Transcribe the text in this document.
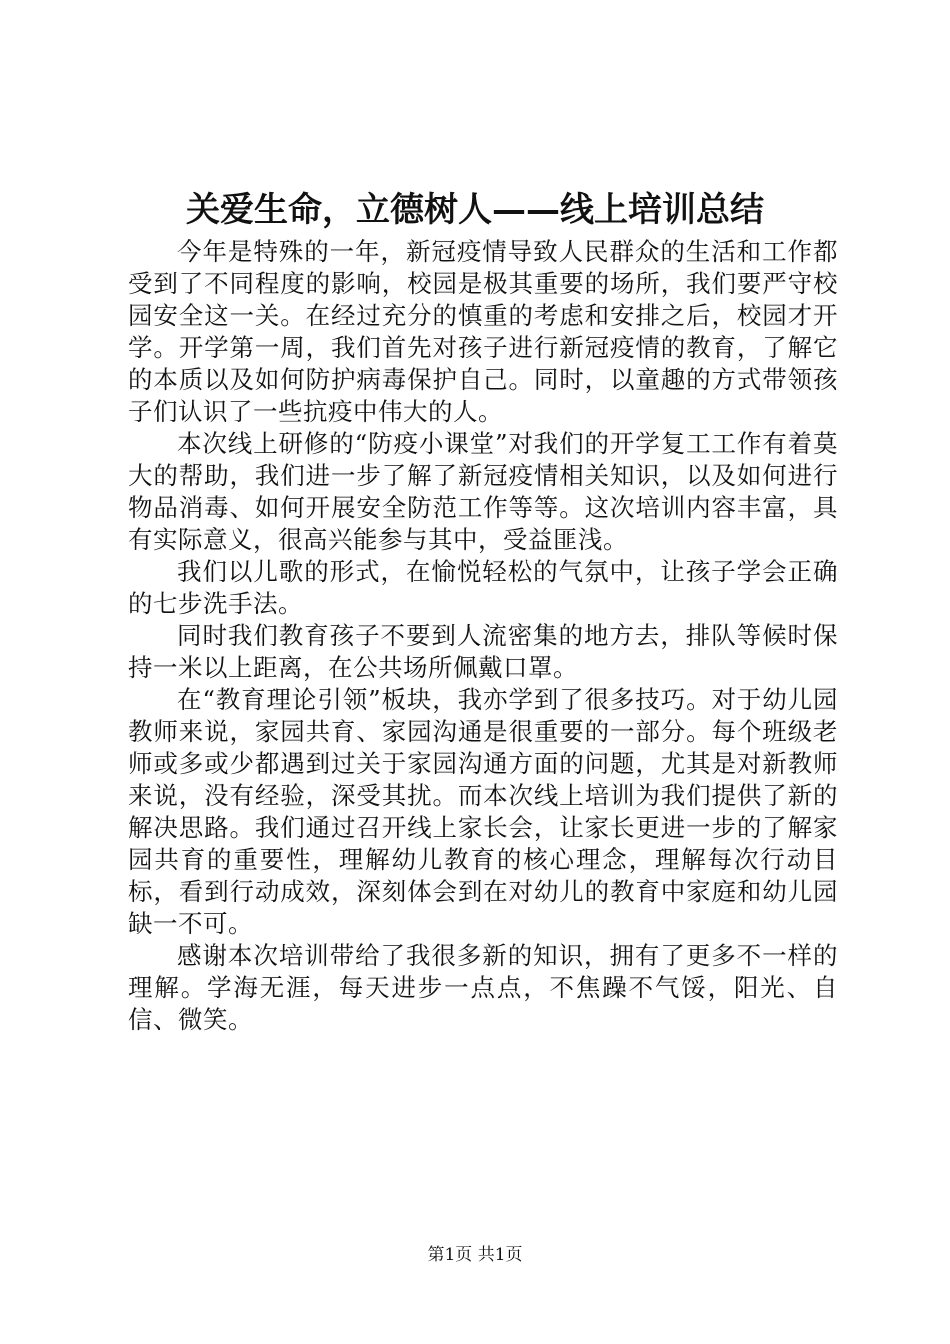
关爱生命，立德树人——线上培训总结

今年是特殊的一年，新冠疫情导致人民群众的生活和工作都受到了不同程度的影响，校园是极其重要的场所，我们要严守校园安全这一关。在经过充分的慎重的考虑和安排之后，校园才开学。开学第一周，我们首先对孩子进行新冠疫情的教育，了解它的本质以及如何防护病毒保护自己。同时，以童趣的方式带领孩子们认识了一些抗疫中伟大的人。

本次线上研修的“防疫小课堂”对我们的开学复工工作有着莫大的帮助，我们进一步了解了新冠疫情相关知识，以及如何进行物品消毒、如何开展安全防范工作等等。这次培训内容丰富，具有实际意义，很高兴能参与其中，受益匪浅。

我们以儿歌的形式，在愉悦轻松的气氛中，让孩子学会正确的七步洗手法。

同时我们教育孩子不要到人流密集的地方去，排队等候时保持一米以上距离，在公共场所佩戴口罩。

在“教育理论引领”板块，我亦学到了很多技巧。对于幼儿园教师来说，家园共育、家园沟通是很重要的一部分。每个班级老师或多或少都遇到过关于家园沟通方面的问题，尤其是对新教师来说，没有经验，深受其扰。而本次线上培训为我们提供了新的解决思路。我们通过召开线上家长会，让家长更进一步的了解家园共育的重要性，理解幼儿教育的核心理念，理解每次行动目标，看到行动成效，深刻体会到在对幼儿的教育中家庭和幼儿园缺一不可。

感谢本次培训带给了我很多新的知识，拥有了更多不一样的理解。学海无涯，每天进步一点点，不焦躁不气馁，阳光、自信、微笑。

第1页 共1页
